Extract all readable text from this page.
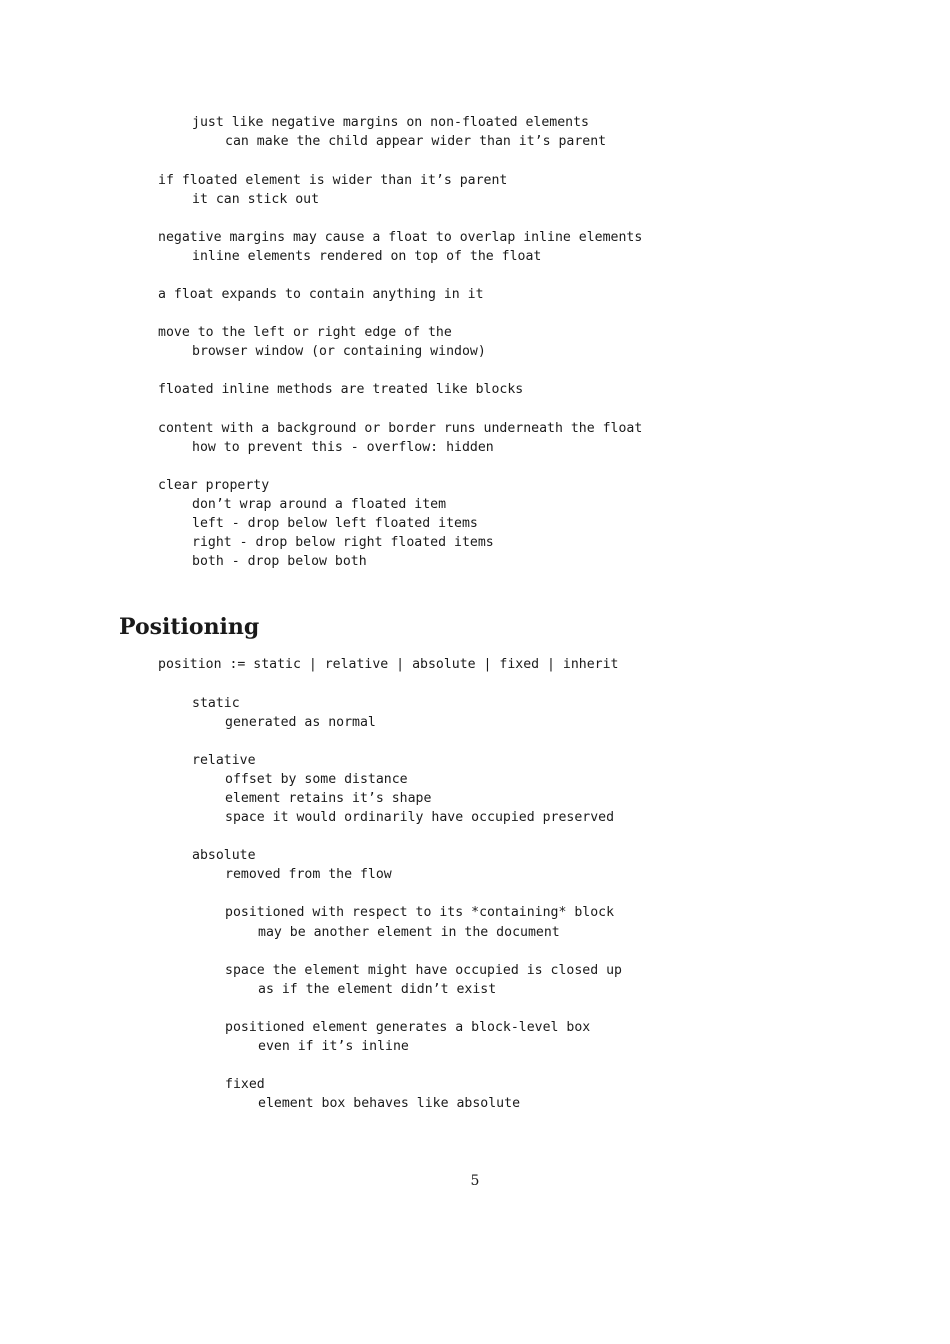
just like negative margins on non-floated elements
can make the child appear wider than it’s parent
if floated element is wider than it’s parent
it can stick out
negative margins may cause a float to overlap inline elements
inline elements rendered on top of the float
a float expands to contain anything in it
move to the left or right edge of the
browser window (or containing window)
floated inline methods are treated like blocks
content with a background or border runs underneath the float
how to prevent this - overflow: hidden
clear property
don’t wrap around a floated item
left - drop below left floated items
right - drop below right floated items
both - drop below both
Positioning
position := static | relative | absolute | fixed | inherit
static
generated as normal
relative
offset by some distance
element retains it’s shape
space it would ordinarily have occupied preserved
absolute
removed from the flow
positioned with respect to its *containing* block
may be another element in the document
space the element might have occupied is closed up
as if the element didn’t exist
positioned element generates a block-level box
even if it’s inline
fixed
element box behaves like absolute
5
